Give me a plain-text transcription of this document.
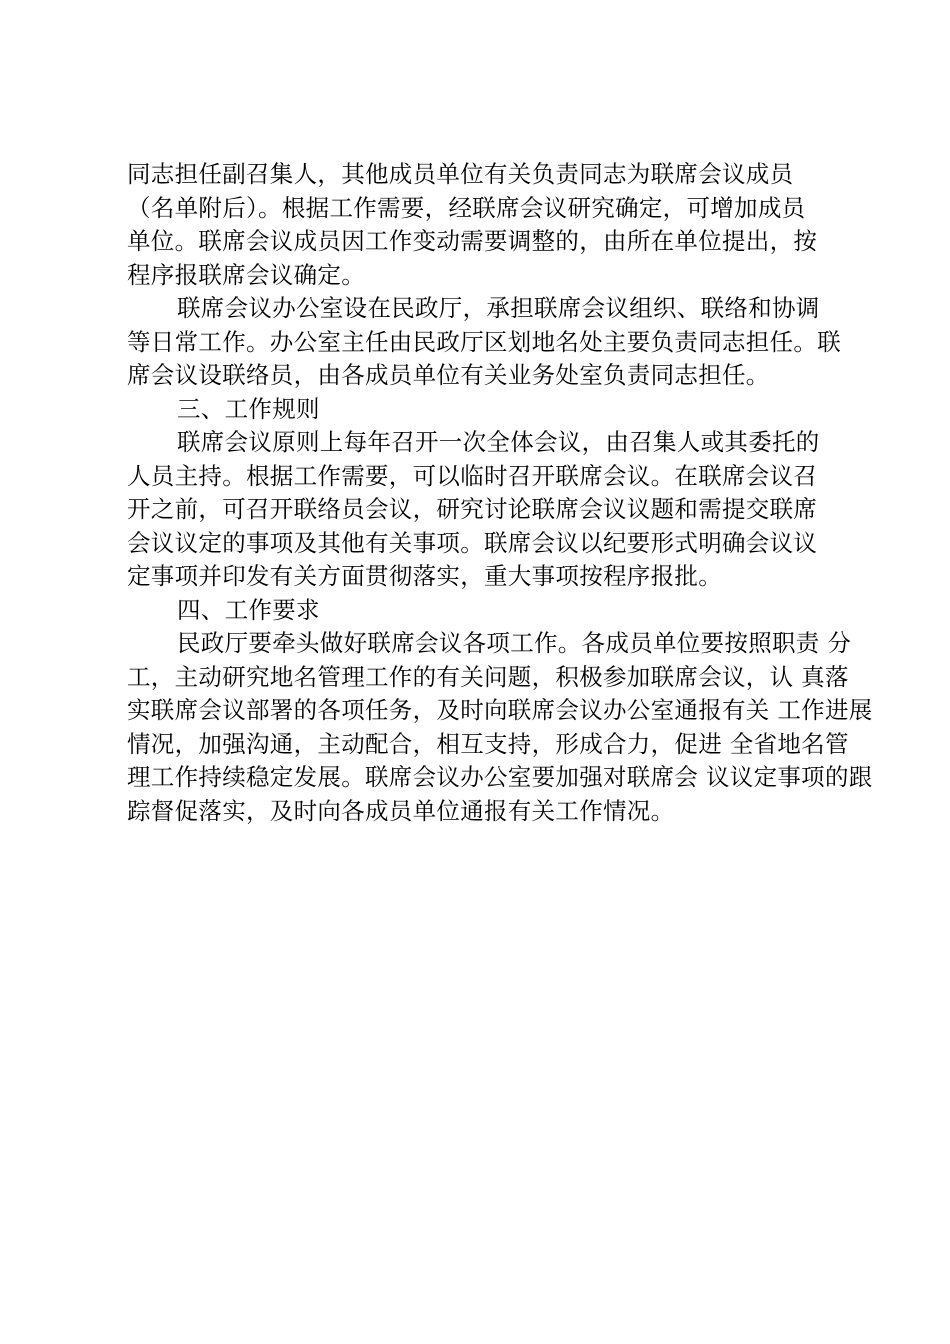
同志担任副召集人，其他成员单位有关负责同志为联席会议成员
（名单附后）。根据工作需要，经联席会议研究确定，可增加成员
单位。联席会议成员因工作变动需要调整的，由所在单位提出，按
程序报联席会议确定。
联席会议办公室设在民政厅，承担联席会议组织、联络和协调
等日常工作。办公室主任由民政厅区划地名处主要负责同志担任。联
席会议设联络员，由各成员单位有关业务处室负责同志担任。
三、工作规则
联席会议原则上每年召开一次全体会议，由召集人或其委托的
人员主持。根据工作需要，可以临时召开联席会议。在联席会议召
开之前，可召开联络员会议，研究讨论联席会议议题和需提交联席
会议议定的事项及其他有关事项。联席会议以纪要形式明确会议议
定事项并印发有关方面贯彻落实，重大事项按程序报批。
四、工作要求
民政厅要牵头做好联席会议各项工作。各成员单位要按照职责 分
工，主动研究地名管理工作的有关问题，积极参加联席会议，认 真落
实联席会议部署的各项任务，及时向联席会议办公室通报有关 工作进展
情况，加强沟通，主动配合，相互支持，形成合力，促进 全省地名管
理工作持续稳定发展。联席会议办公室要加强对联席会 议议定事项的跟
踪督促落实，及时向各成员单位通报有关工作情况。
